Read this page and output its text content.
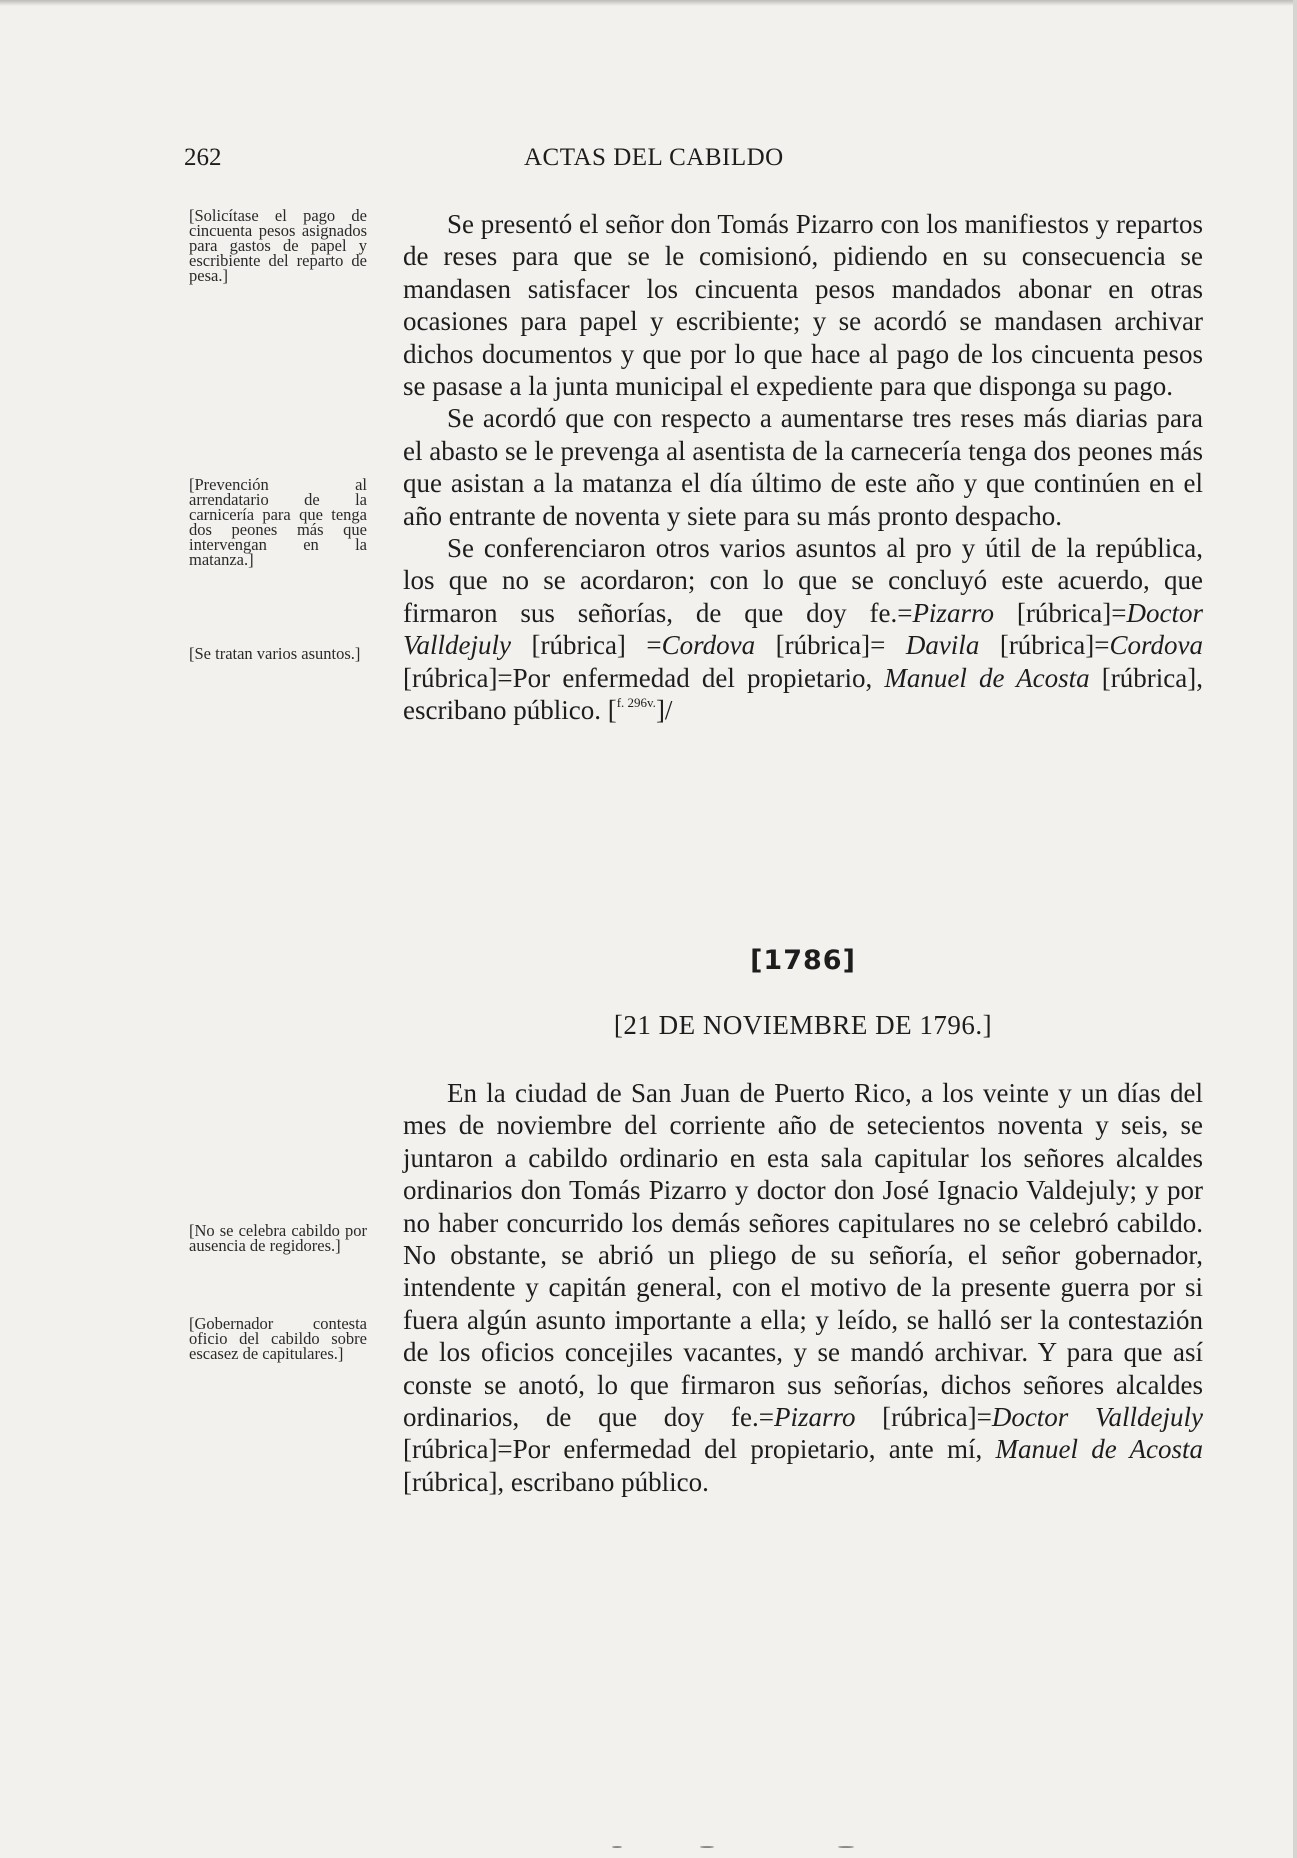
262	ACTAS DEL CABILDO
[Solicítase el pago de cincuenta pesos asignados para gastos de papel y escribiente del reparto de pesa.]
[Prevención al arrendatario de la carnicería para que tenga dos peones más que intervengan en la matanza.]
[Se tratan varios asuntos.]
[No se celebra cabildo por ausencia de regidores.]
[Gobernador contesta oficio del cabildo sobre escasez de capitulares.]

Se presentó el señor don Tomás Pizarro con los manifiestos y repartos de reses para que se le comisionó, pidiendo en su consecuencia se mandasen satisfacer los cincuenta pesos mandados abonar en otras ocasiones para papel y escribiente; y se acordó se mandasen archivar dichos documentos y que por lo que hace al pago de los cincuenta pesos se pasase a la junta municipal el expediente para que disponga su pago.

Se acordó que con respecto a aumentarse tres reses más diarias para el abasto se le prevenga al asentista de la carnecería tenga dos peones más que asistan a la matanza el día último de este año y que continúen en el año entrante de noventa y siete para su más pronto despacho.

Se conferenciaron otros varios asuntos al pro y útil de la república, los que no se acordaron; con lo que se concluyó este acuerdo, que firmaron sus señorías, de que doy fe.=Pizarro [rúbrica]=Doctor Valldejuly [rúbrica] =Cordova [rúbrica]= Davila [rúbrica]=Cordova [rúbrica]=Por enfermedad del propietario, Manuel de Acosta [rúbrica], escribano público. [$^{f. 296v.}$]/

[1786]
[21 DE NOVIEMBRE DE 1796.]

En la ciudad de San Juan de Puerto Rico, a los veinte y un días del mes de noviembre del corriente año de setecientos noventa y seis, se juntaron a cabildo ordinario en esta sala capitular los señores alcaldes ordinarios don Tomás Pizarro y doctor don José Ignacio Valdejuly; y por no haber concurrido los demás señores capitulares no se celebró cabildo. No obstante, se abrió un pliego de su señoría, el señor gobernador, intendente y capitán general, con el motivo de la presente guerra por si fuera algún asunto importante a ella; y leído, se halló ser la contestazión de los oficios concejiles vacantes, y se mandó archivar. Y para que así conste se anotó, lo que firmaron sus señorías, dichos señores alcaldes ordinarios, de que doy fe.=Pizarro [rúbrica]=Doctor Valldejuly [rúbrica]=Por enfermedad del propietario, ante mí, Manuel de Acosta [rúbrica], escribano público.
